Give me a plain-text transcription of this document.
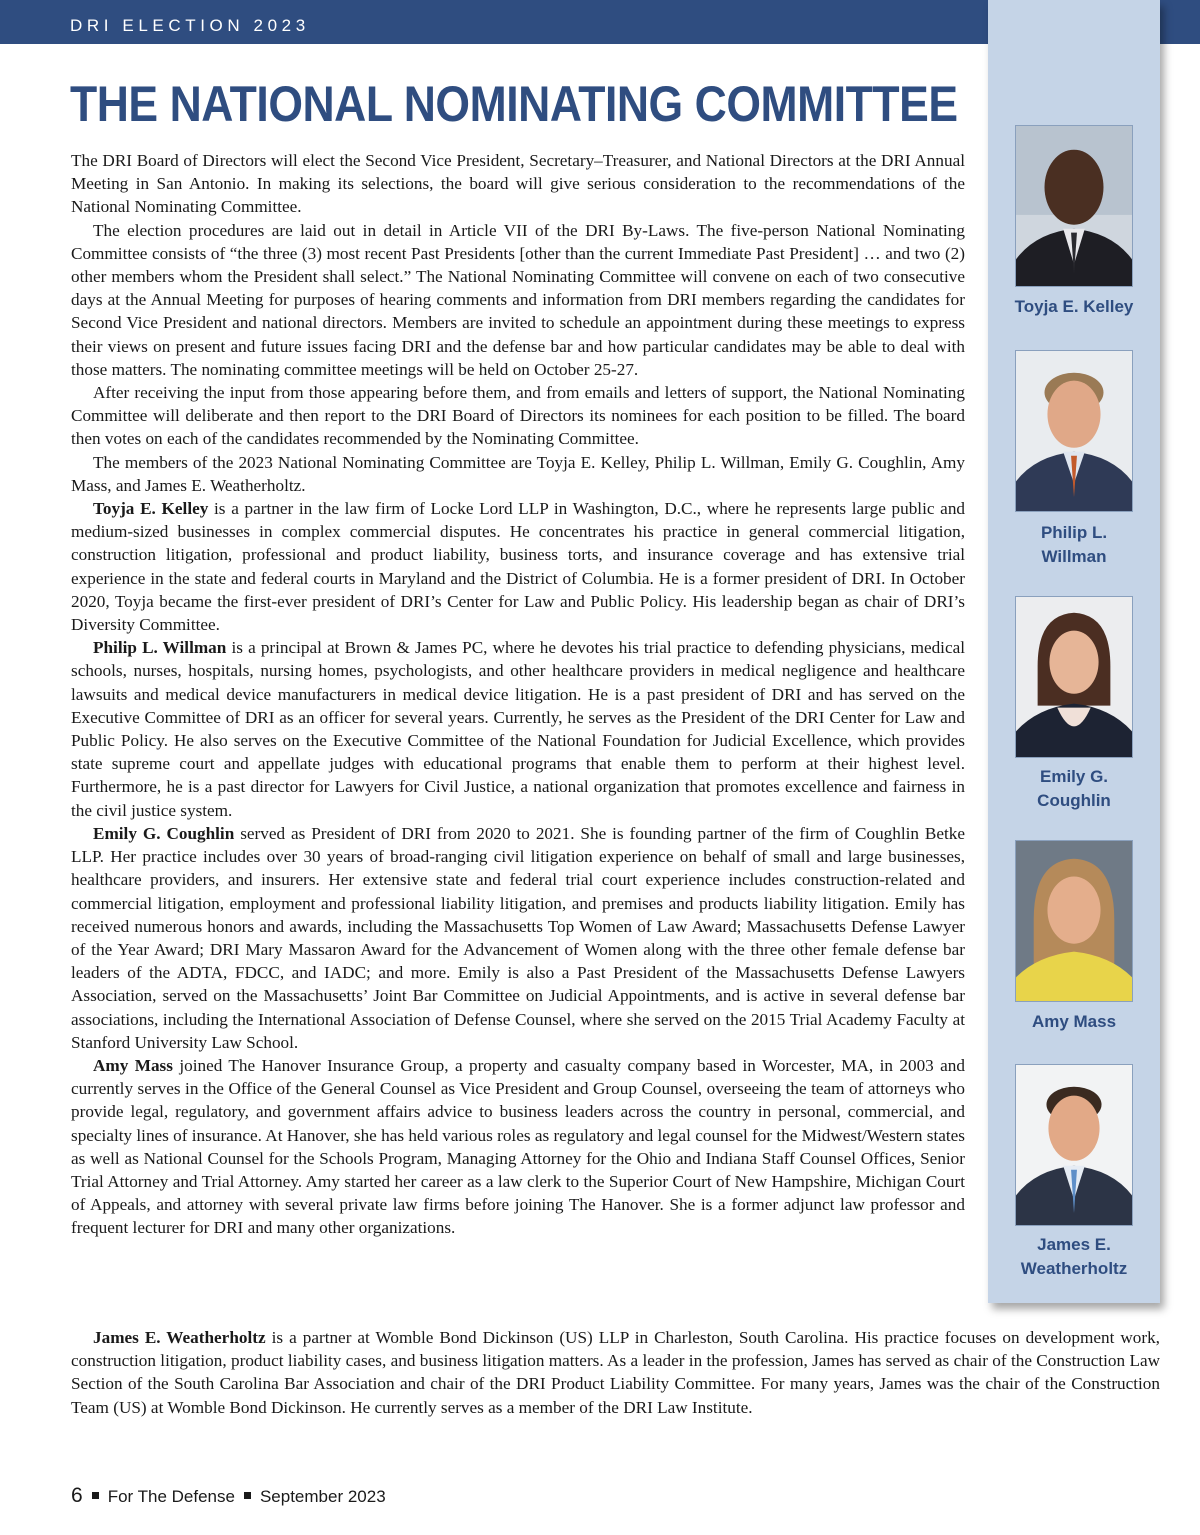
DRI ELECTION 2023
Toyja E. Kelley
Philip L. Willman
Emily G. Coughlin
Amy Mass
James E. Weatherholtz
THE NATIONAL NOMINATING COMMITTEE

The DRI Board of Directors will elect the Second Vice President, Secretary–Treasurer, and National Directors at the DRI Annual Meeting in San Antonio. In making its selections, the board will give serious consideration to the recommendations of the National Nominating Committee.

The election procedures are laid out in detail in Article VII of the DRI By-Laws. The five-person National Nominating Committee consists of “the three (3) most recent Past Presidents [other than the current Immediate Past President] … and two (2) other members whom the President shall select.” The National Nominating Committee will convene on each of two consecutive days at the Annual Meeting for purposes of hearing comments and information from DRI members regarding the candidates for Second Vice President and national directors. Members are invited to schedule an appointment during these meetings to express their views on present and future issues facing DRI and the defense bar and how particular candidates may be able to deal with those matters. The nominating committee meetings will be held on October 25-27.

After receiving the input from those appearing before them, and from emails and letters of support, the National Nominating Committee will deliberate and then report to the DRI Board of Directors its nominees for each position to be filled. The board then votes on each of the candidates recommended by the Nominating Committee.

The members of the 2023 National Nominating Committee are Toyja E. Kelley, Philip L. Willman, Emily G. Coughlin, Amy Mass, and James E. Weatherholtz.

Toyja E. Kelley is a partner in the law firm of Locke Lord LLP in Washington, D.C., where he represents large public and medium-sized businesses in complex commercial disputes. He concentrates his practice in general commercial litigation, construction litigation, professional and product liability, business torts, and insurance coverage and has extensive trial experience in the state and federal courts in Maryland and the District of Columbia. He is a former president of DRI. In October 2020, Toyja became the first-ever president of DRI’s Center for Law and Public Policy. His leadership began as chair of DRI’s Diversity Committee.

Philip L. Willman is a principal at Brown & James PC, where he devotes his trial practice to defending physicians, medical schools, nurses, hospitals, nursing homes, psychologists, and other healthcare providers in medical negligence and healthcare lawsuits and medical device manufacturers in medical device litigation. He is a past president of DRI and has served on the Executive Committee of DRI as an officer for several years. Currently, he serves as the President of the DRI Center for Law and Public Policy. He also serves on the Executive Committee of the National Foundation for Judicial Excellence, which provides state supreme court and appellate judges with educational programs that enable them to perform at their highest level. Furthermore, he is a past director for Lawyers for Civil Justice, a national organization that promotes excellence and fairness in the civil justice system.

Emily G. Coughlin served as President of DRI from 2020 to 2021. She is founding partner of the firm of Coughlin Betke LLP. Her practice includes over 30 years of broad-ranging civil litigation experience on behalf of small and large businesses, healthcare providers, and insurers. Her extensive state and federal trial court experience includes construction-related and commercial litigation, employment and professional liability litigation, and premises and products liability litigation. Emily has received numerous honors and awards, including the Massachusetts Top Women of Law Award; Massachusetts Defense Lawyer of the Year Award; DRI Mary Massaron Award for the Advancement of Women along with the three other female defense bar leaders of the ADTA, FDCC, and IADC; and more. Emily is also a Past President of the Massachusetts Defense Lawyers Association, served on the Massachusetts’ Joint Bar Committee on Judicial Appointments, and is active in several defense bar associations, including the International Association of Defense Counsel, where she served on the 2015 Trial Academy Faculty at Stanford University Law School.

Amy Mass joined The Hanover Insurance Group, a property and casualty company based in Worcester, MA, in 2003 and currently serves in the Office of the General Counsel as Vice President and Group Counsel, overseeing the team of attorneys who provide legal, regulatory, and government affairs advice to business leaders across the country in personal, commercial, and specialty lines of insurance. At Hanover, she has held various roles as regulatory and legal counsel for the Midwest/Western states as well as National Counsel for the Schools Program, Managing Attorney for the Ohio and Indiana Staff Counsel Offices, Senior Trial Attorney and Trial Attorney. Amy started her career as a law clerk to the Superior Court of New Hampshire, Michigan Court of Appeals, and attorney with several private law firms before joining The Hanover. She is a former adjunct law professor and frequent lecturer for DRI and many other organizations.

James E. Weatherholtz is a partner at Womble Bond Dickinson (US) LLP in Charleston, South Carolina. His practice focuses on development work, construction litigation, product liability cases, and business litigation matters. As a leader in the profession, James has served as chair of the Construction Law Section of the South Carolina Bar Association and chair of the DRI Product Liability Committee. For many years, James was the chair of the Construction Team (US) at Womble Bond Dickinson. He currently serves as a member of the DRI Law Institute.

6 For The Defense September 2023
